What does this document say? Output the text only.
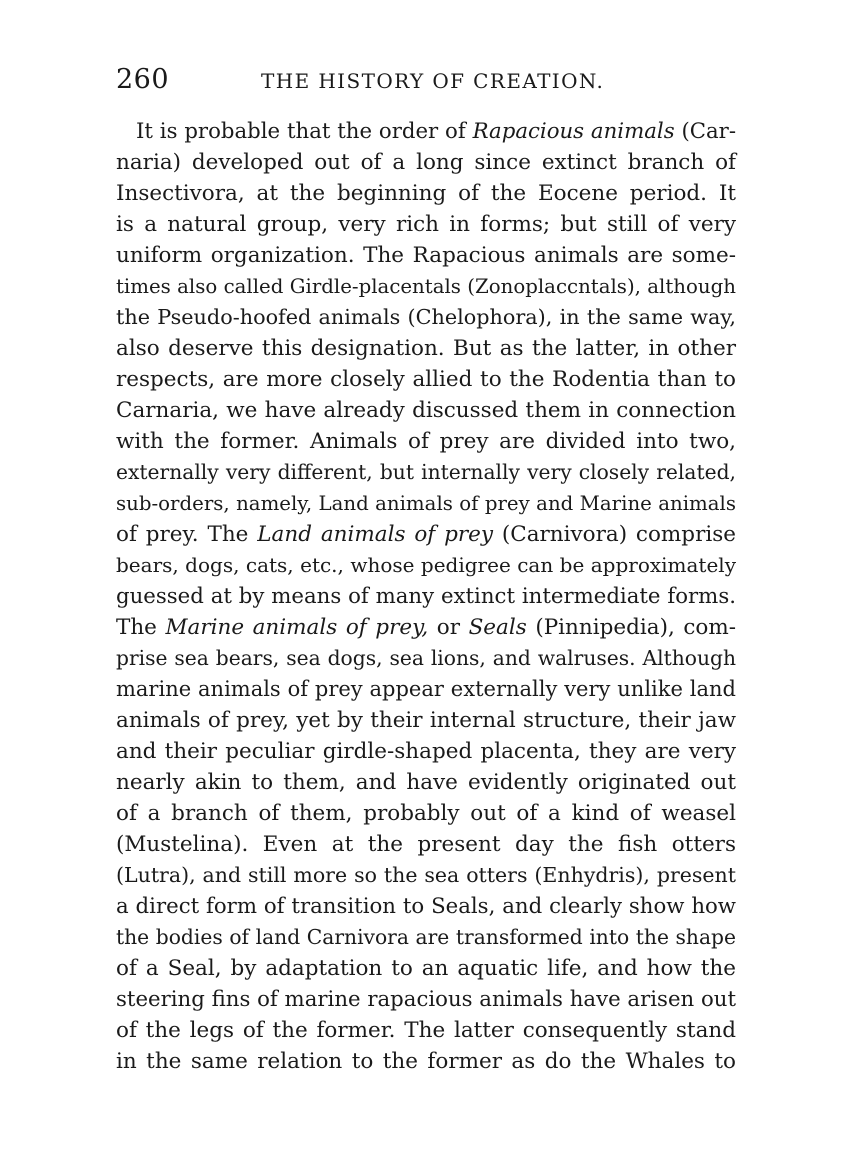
260	THE HISTORY OF CREATION.
It is probable that the order of Rapacious animals (Car-
naria) developed out of a long since extinct branch of
Insectivora, at the beginning of the Eocene period. It
is a natural group, very rich in forms; but still of very
uniform organization. The Rapacious animals are some-
times also called Girdle-placentals (Zonoplaccntals), although
the Pseudo-hoofed animals (Chelophora), in the same way,
also deserve this designation. But as the latter, in other
respects, are more closely allied to the Rodentia than to
Carnaria, we have already discussed them in connection
with the former. Animals of prey are divided into two,
externally very different, but internally very closely related,
sub-orders, namely, Land animals of prey and Marine animals
of prey. The Land animals of prey (Carnivora) comprise
bears, dogs, cats, etc., whose pedigree can be approximately
guessed at by means of many extinct intermediate forms.
The Marine animals of prey, or Seals (Pinnipedia), com-
prise sea bears, sea dogs, sea lions, and walruses. Although
marine animals of prey appear externally very unlike land
animals of prey, yet by their internal structure, their jaw
and their peculiar girdle-shaped placenta, they are very
nearly akin to them, and have evidently originated out
of a branch of them, probably out of a kind of weasel
(Mustelina). Even at the present day the fish otters
(Lutra), and still more so the sea otters (Enhydris), present
a direct form of transition to Seals, and clearly show how
the bodies of land Carnivora are transformed into the shape
of a Seal, by adaptation to an aquatic life, and how the
steering fins of marine rapacious animals have arisen out
of the legs of the former. The latter consequently stand
in the same relation to the former as do the Whales to
